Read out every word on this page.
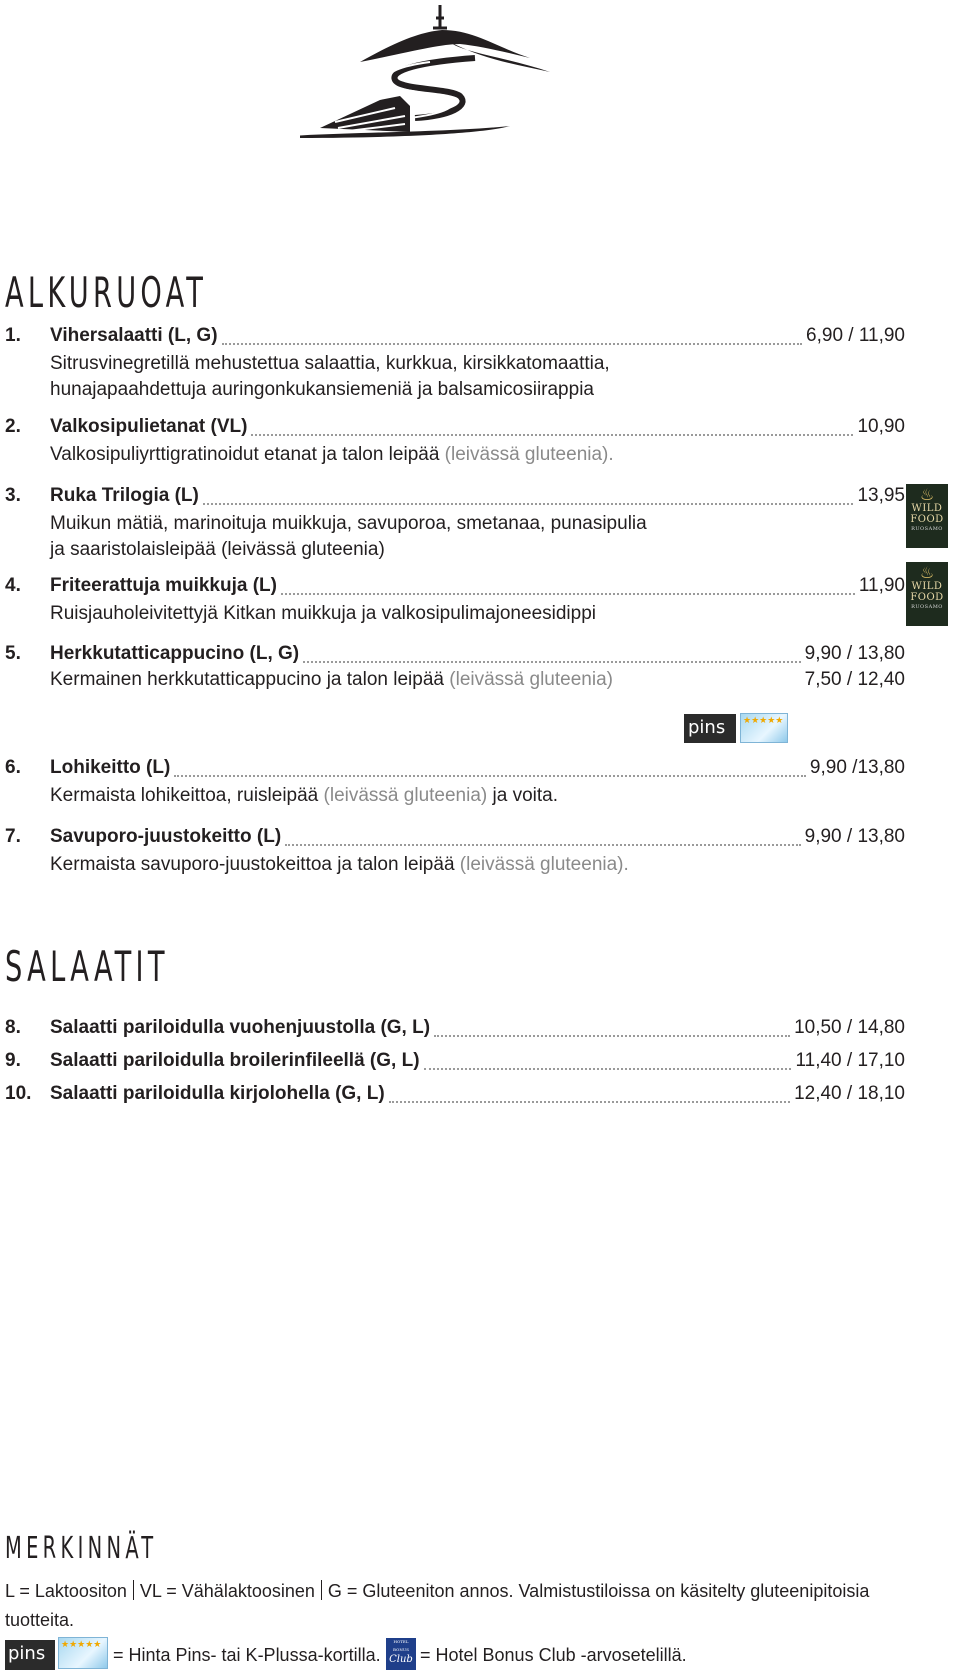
ALKURUOAT
1.	Vihersalaatti (L, G)	6,90 / 11,90
Sitrusvinegretillä mehustettua salaattia, kurkkua, kirsikkatomaattia,
hunajapaahdettuja auringonkukansiemeniä ja balsamicosiirappia
2.	Valkosipulietanat (VL)	10,90
Valkosipuliyrttigratinoidut etanat ja talon leipää (leivässä gluteenia).
3.	Ruka Trilogia (L)	13,95
Muikun mätiä, marinoituja muikkuja, savuporoa, smetanaa, punasipulia
ja saaristolaisleipää (leivässä gluteenia)
♨
WILD
FOOD
RUOSAMO
4.	Friteerattuja muikkuja (L)	11,90
Ruisjauholeivitettyjä Kitkan muikkuja ja valkosipulimajoneesidippi
♨
WILD
FOOD
RUOSAMO
5.	Herkkutatticappucino (L, G)	9,90 / 13,80
Kermainen herkkutatticappucino ja talon leipää (leivässä gluteenia)	7,50 / 12,40
pins	★★★★★
6.	Lohikeitto (L)	9,90 /13,80
Kermaista lohikeittoa, ruisleipää (leivässä gluteenia) ja voita.
7.	Savuporo-juustokeitto (L)	9,90 / 13,80
Kermaista savuporo-juustokeittoa ja talon leipää (leivässä gluteenia).
SALAATIT
8.	Salaatti pariloidulla vuohenjuustolla (G, L)	10,50 / 14,80
9.	Salaatti pariloidulla broilerinfileellä (G, L)	11,40 / 17,10
10. Salaatti pariloidulla kirjolohella (G, L)	12,40 / 18,10
MERKINNÄT
L = Laktoositon VL = Vähälaktoosinen G = Gluteeniton annos. Valmistustiloissa on käsitelty gluteenipitoisia
tuotteita.
pins	★★★★★
= Hinta Pins- tai K-Plussa-kortilla.
HOTEL BONUS
Club = Hotel Bonus Club -arvosetelillä.
